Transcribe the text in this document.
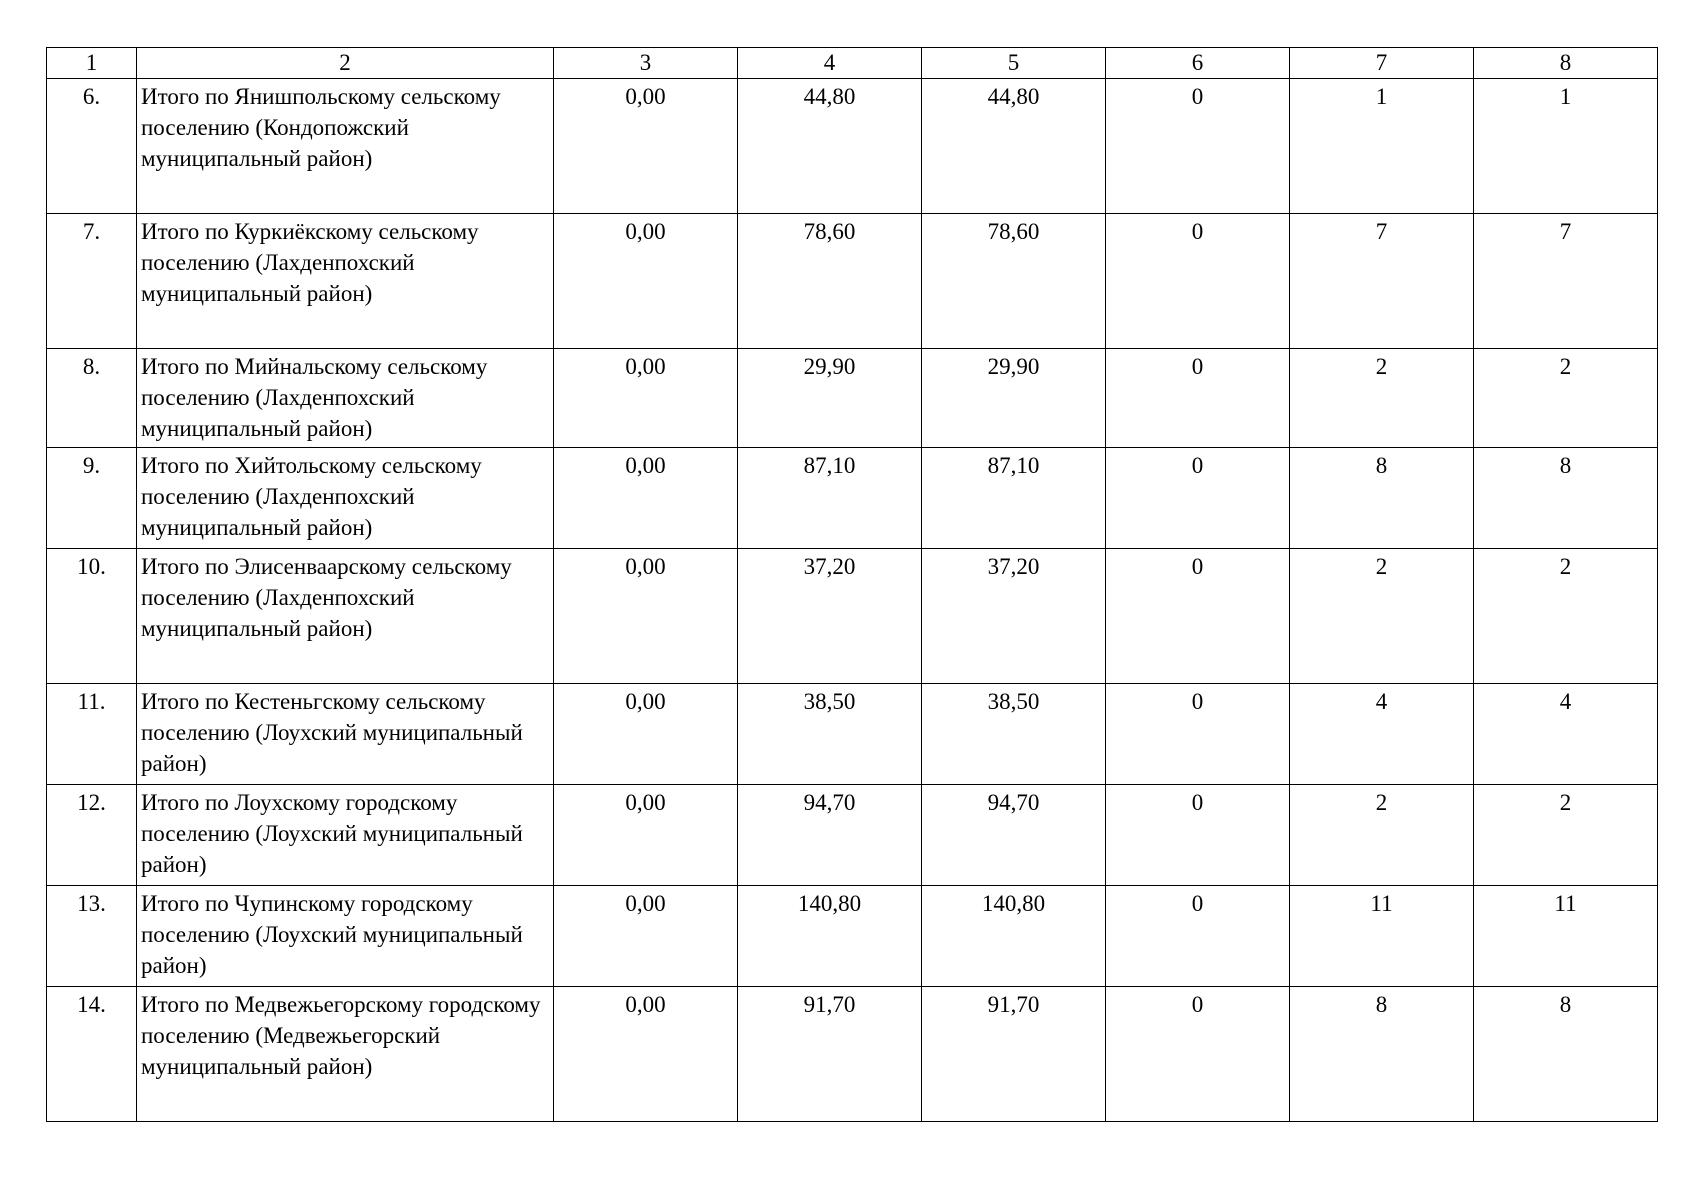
1	2	3	4	5	6	7	8
6.	Итого по Янишпольскому сельскому поселению (Кондопожский муниципальный район)	0,00	44,80	44,80	0	1	1
7.	Итого по Куркиёкскому сельскому поселению (Лахденпохский муниципальный район)	0,00	78,60	78,60	0	7	7
8.	Итого по Мийнальскому сельскому поселению (Лахденпохский муниципальный район)	0,00	29,90	29,90	0	2	2
9.	Итого по Хийтольскому сельскому поселению (Лахденпохский муниципальный район)	0,00	87,10	87,10	0	8	8
10.	Итого по Элисенваарскому сельскому поселению (Лахденпохский муниципальный район)	0,00	37,20	37,20	0	2	2
11.	Итого по Кестеньгскому сельскому поселению (Лоухский муниципальный район)	0,00	38,50	38,50	0	4	4
12.	Итого по Лоухскому городскому поселению (Лоухский муниципальный район)	0,00	94,70	94,70	0	2	2
13.	Итого по Чупинскому городскому поселению (Лоухский муниципальный район)	0,00	140,80	140,80	0	11	11
14.	Итого по Медвежьегорскому городскому поселению (Медвежьегорский муниципальный район)	0,00	91,70	91,70	0	8	8
